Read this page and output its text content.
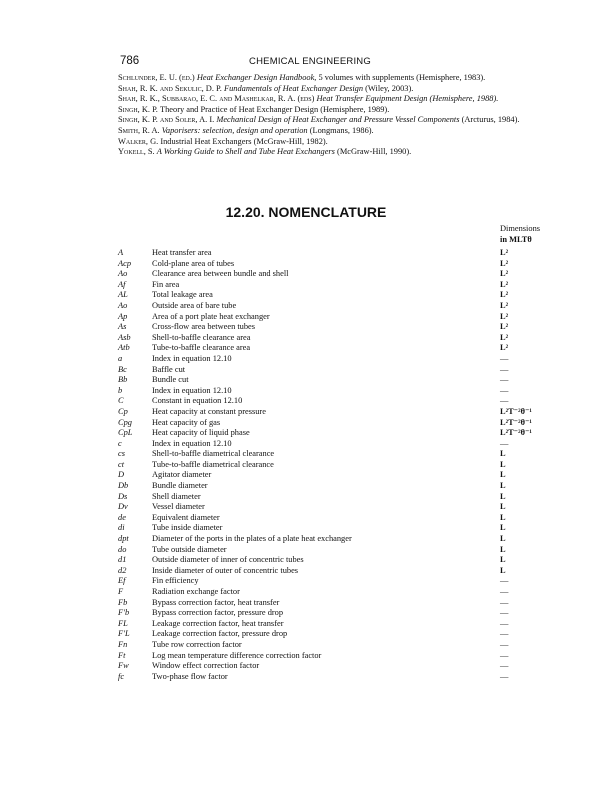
786	CHEMICAL ENGINEERING
Schlunder, E. U. (ed.) Heat Exchanger Design Handbook, 5 volumes with supplements (Hemisphere, 1983).
Shah, R. K. and Sekulic, D. P. Fundamentals of Heat Exchanger Design (Wiley, 2003).
Shah, R. K., Subbarao, E. C. and Mashelkar, R. A. (eds) Heat Transfer Equipment Design (Hemisphere, 1988).
Singh, K. P. Theory and Practice of Heat Exchanger Design (Hemisphere, 1989).
Singh, K. P. and Soler, A. I. Mechanical Design of Heat Exchanger and Pressure Vessel Components (Arcturus, 1984).
Smith, R. A. Vaporisers: selection, design and operation (Longmans, 1986).
Walker, G. Industrial Heat Exchangers (McGraw-Hill, 1982).
Yokell, S. A Working Guide to Shell and Tube Heat Exchangers (McGraw-Hill, 1990).
12.20. NOMENCLATURE
Dimensions
in MLTθ
A	Heat transfer area	L²
Acp Cold-plane area of tubes	L²
Ao	Clearance area between bundle and shell	L²
Af	Fin area	L²
AL	Total leakage area	L²
Ao	Outside area of bare tube	L²
Ap	Area of a port plate heat exchanger	L²
As	Cross-flow area between tubes	L²
Asb	Shell-to-baffle clearance area	L²
Atb	Tube-to-baffle clearance area	L²
a	Index in equation 12.10	—
Bc	Baffle cut	—
Bb	Bundle cut	—
b	Index in equation 12.10	—
C	Constant in equation 12.10	—
Cp	Heat capacity at constant pressure	L²T⁻²θ⁻¹
Cpg Heat capacity of gas	L²T⁻²θ⁻¹
CpL Heat capacity of liquid phase	L²T⁻²θ⁻¹
c	Index in equation 12.10	—
cs	Shell-to-baffle diametrical clearance	L
ct	Tube-to-baffle diametrical clearance	L
D	Agitator diameter	L
Db	Bundle diameter	L
Ds	Shell diameter	L
Dv	Vessel diameter	L
de	Equivalent diameter	L
di	Tube inside diameter	L
dpt	Diameter of the ports in the plates of a plate heat exchanger	L
do	Tube outside diameter	L
d1	Outside diameter of inner of concentric tubes	L
d2	Inside diameter of outer of concentric tubes	L
Ef	Fin efficiency	—
F	Radiation exchange factor	—
Fb	Bypass correction factor, heat transfer	—
F′b	Bypass correction factor, pressure drop	—
FL	Leakage correction factor, heat transfer	—
F′L	Leakage correction factor, pressure drop	—
Fn	Tube row correction factor	—
Ft	Log mean temperature difference correction factor	—
Fw	Window effect correction factor	—
fc	Two-phase flow factor	—
